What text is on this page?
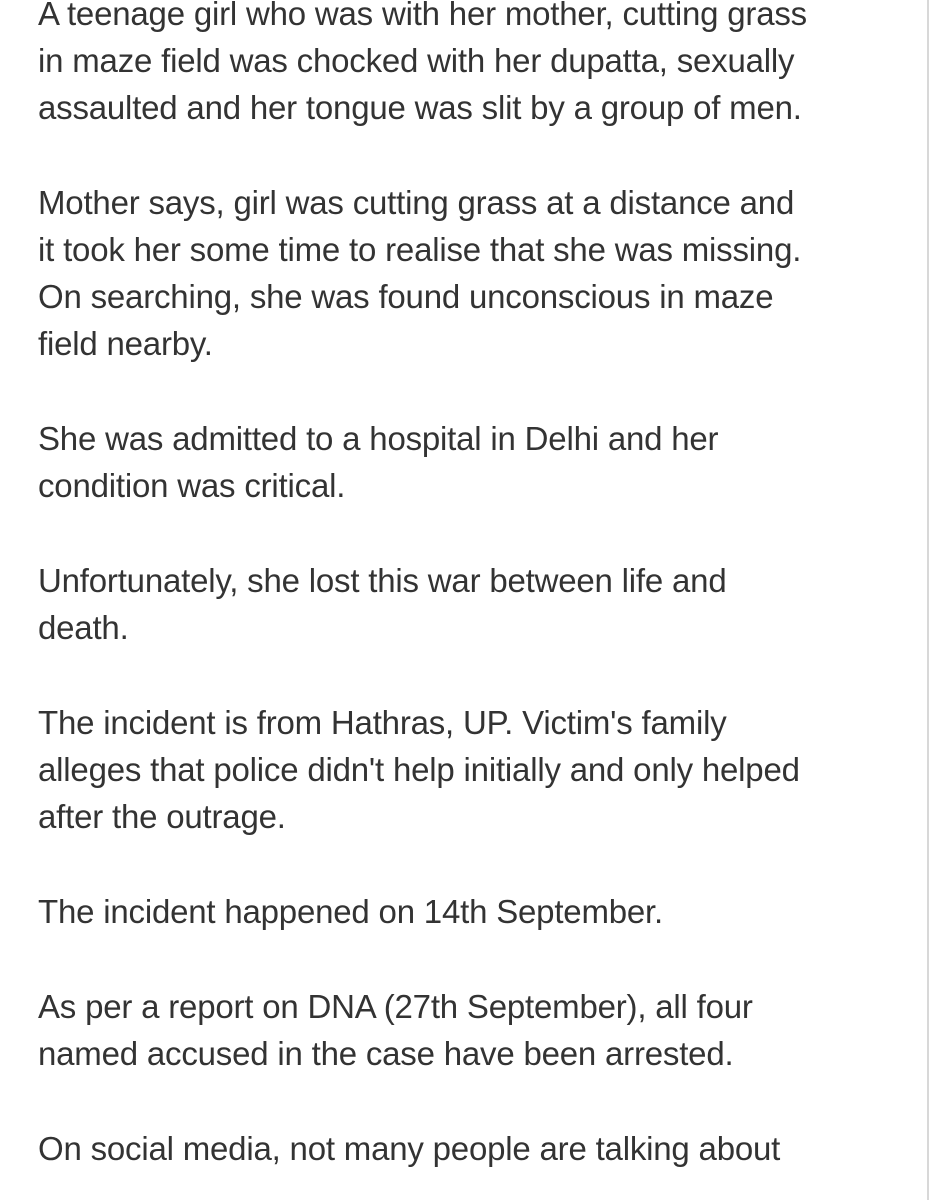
A teenage girl who was with her mother, cutting grass
in maze field was chocked with her dupatta, sexually
assaulted and her tongue was slit by a group of men.

Mother says, girl was cutting grass at a distance and
it took her some time to realise that she was missing.
On searching, she was found unconscious in maze
field nearby.

She was admitted to a hospital in Delhi and her
condition was critical.

Unfortunately, she lost this war between life and
death.

The incident is from Hathras, UP. Victim's family
alleges that police didn't help initially and only helped
after the outrage.

The incident happened on 14th September.

As per a report on DNA (27th September), all four
named accused in the case have been arrested.

On social media, not many people are talking about
